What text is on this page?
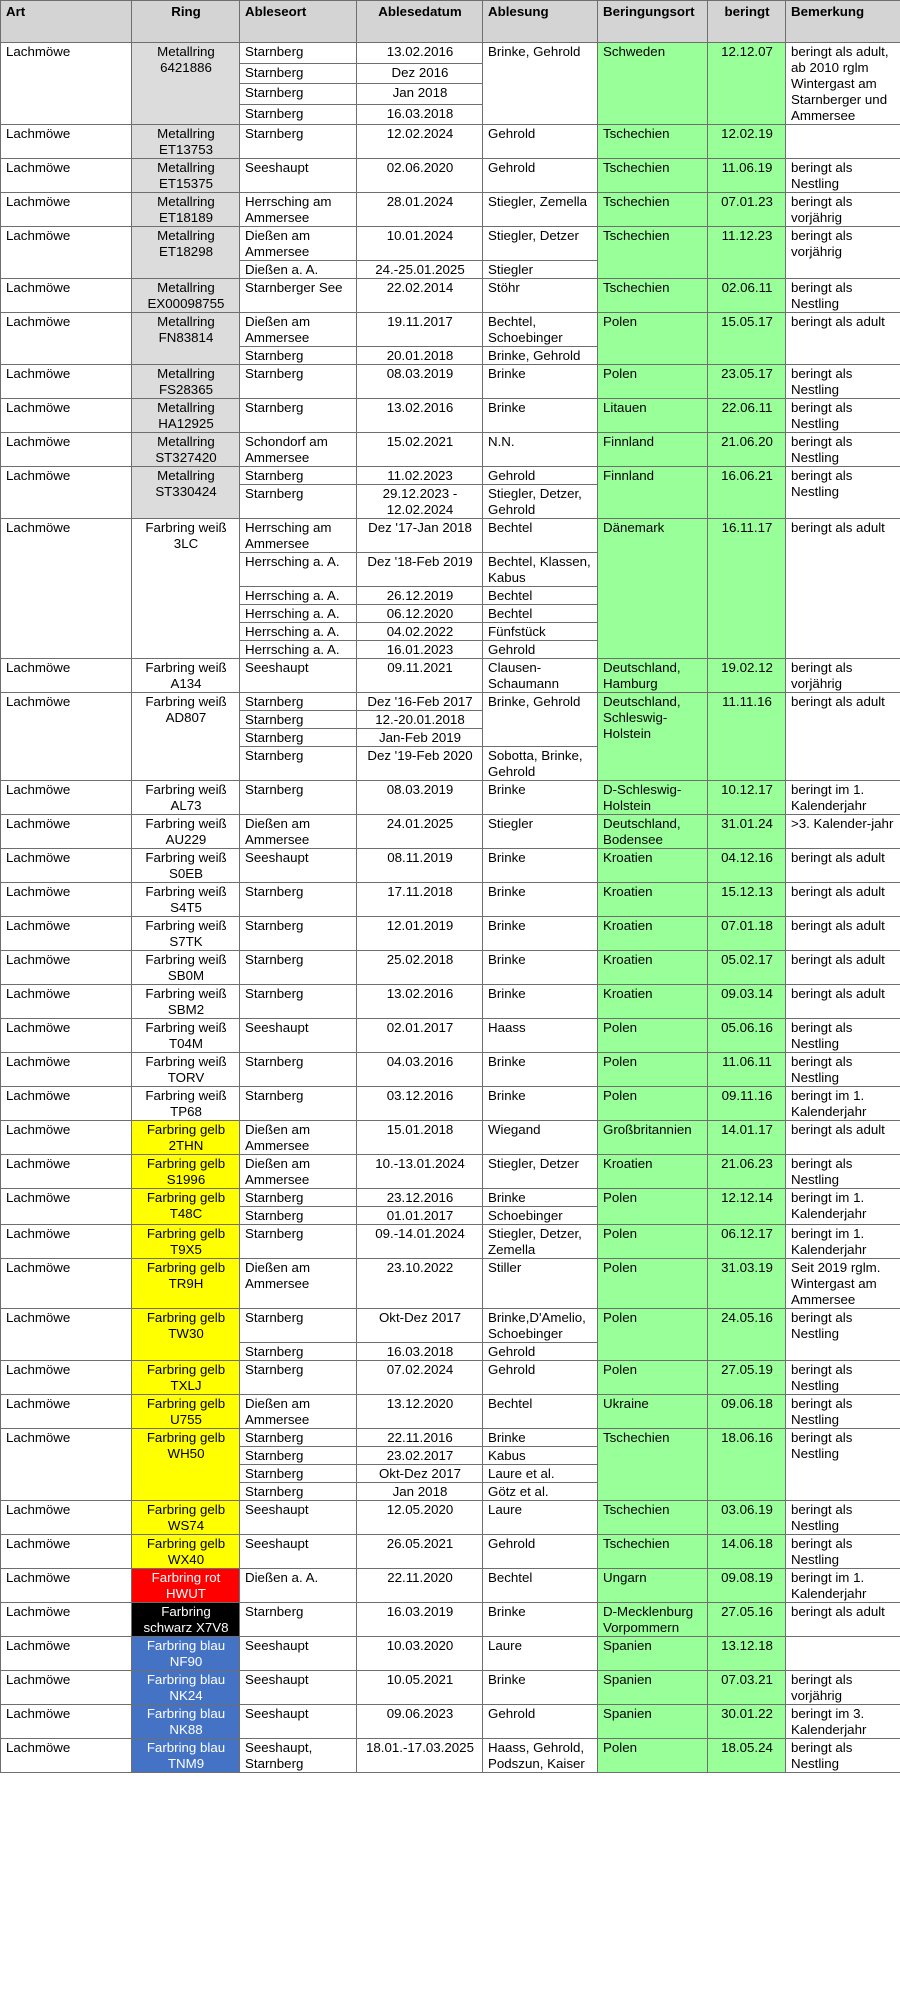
Art	Ring	Ableseort	Ablesedatum	Ablesung	Beringungsort	beringt	Bemerkung
Lachmöwe	Metallring 6421886	Starnberg	13.02.2016	Brinke, Gehrold	Schweden	12.12.07	beringt als adult, ab 2010 rglm Wintergast am Starnberger und Ammersee
		Starnberg	Dez 2016				
		Starnberg	Jan 2018				
		Starnberg	16.03.2018				
Lachmöwe	Metallring ET13753	Starnberg	12.02.2024	Gehrold	Tschechien	12.02.19	
Lachmöwe	Metallring ET15375	Seeshaupt	02.06.2020	Gehrold	Tschechien	11.06.19	beringt als Nestling
Lachmöwe	Metallring ET18189	Herrsching am Ammersee	28.01.2024	Stiegler, Zemella	Tschechien	07.01.23	beringt als vorjährig
Lachmöwe	Metallring ET18298	Dießen am Ammersee	10.01.2024	Stiegler, Detzer	Tschechien	11.12.23	beringt als vorjährig
		Dießen a. A.	24.-25.01.2025	Stiegler			
Lachmöwe	Metallring EX00098755	Starnberger See	22.02.2014	Stöhr	Tschechien	02.06.11	beringt als Nestling
Lachmöwe	Metallring FN83814	Dießen am Ammersee	19.11.2017	Bechtel, Schoebinger	Polen	15.05.17	beringt als adult
		Starnberg	20.01.2018	Brinke, Gehrold			
Lachmöwe	Metallring FS28365	Starnberg	08.03.2019	Brinke	Polen	23.05.17	beringt als Nestling
Lachmöwe	Metallring HA12925	Starnberg	13.02.2016	Brinke	Litauen	22.06.11	beringt als Nestling
Lachmöwe	Metallring ST327420	Schondorf am Ammersee	15.02.2021	N.N.	Finnland	21.06.20	beringt als Nestling
Lachmöwe	Metallring ST330424	Starnberg	11.02.2023	Gehrold	Finnland	16.06.21	beringt als Nestling
		Starnberg	29.12.2023 - 12.02.2024	Stiegler, Detzer, Gehrold			
Lachmöwe	Farbring weiß 3LC	Herrsching am Ammersee	Dez '17-Jan 2018	Bechtel	Dänemark	16.11.17	beringt als adult
		Herrsching a. A.	Dez '18-Feb 2019	Bechtel, Klassen, Kabus			
		Herrsching a. A.	26.12.2019	Bechtel			
		Herrsching a. A.	06.12.2020	Bechtel			
		Herrsching a. A.	04.02.2022	Fünfstück			
		Herrsching a. A.	16.01.2023	Gehrold			
Lachmöwe	Farbring weiß A134	Seeshaupt	09.11.2021	Clausen-Schaumann	Deutschland, Hamburg	19.02.12	beringt als vorjährig
Lachmöwe	Farbring weiß AD807	Starnberg	Dez '16-Feb 2017	Brinke, Gehrold	Deutschland, Schleswig-Holstein	11.11.16	beringt als adult
		Starnberg	12.-20.01.2018				
		Starnberg	Jan-Feb 2019				
		Starnberg	Dez '19-Feb 2020	Sobotta, Brinke, Gehrold			
Lachmöwe	Farbring weiß AL73	Starnberg	08.03.2019	Brinke	D-Schleswig-Holstein	10.12.17	beringt im 1. Kalenderjahr
Lachmöwe	Farbring weiß AU229	Dießen am Ammersee	24.01.2025	Stiegler	Deutschland, Bodensee	31.01.24	>3. Kalender-jahr
Lachmöwe	Farbring weiß S0EB	Seeshaupt	08.11.2019	Brinke	Kroatien	04.12.16	beringt als adult
Lachmöwe	Farbring weiß S4T5	Starnberg	17.11.2018	Brinke	Kroatien	15.12.13	beringt als adult
Lachmöwe	Farbring weiß S7TK	Starnberg	12.01.2019	Brinke	Kroatien	07.01.18	beringt als adult
Lachmöwe	Farbring weiß SB0M	Starnberg	25.02.2018	Brinke	Kroatien	05.02.17	beringt als adult
Lachmöwe	Farbring weiß SBM2	Starnberg	13.02.2016	Brinke	Kroatien	09.03.14	beringt als adult
Lachmöwe	Farbring weiß T04M	Seeshaupt	02.01.2017	Haass	Polen	05.06.16	beringt als Nestling
Lachmöwe	Farbring weiß TORV	Starnberg	04.03.2016	Brinke	Polen	11.06.11	beringt als Nestling
Lachmöwe	Farbring weiß TP68	Starnberg	03.12.2016	Brinke	Polen	09.11.16	beringt im 1. Kalenderjahr
Lachmöwe	Farbring gelb 2THN	Dießen am Ammersee	15.01.2018	Wiegand	Großbritannien	14.01.17	beringt als adult
Lachmöwe	Farbring gelb S1996	Dießen am Ammersee	10.-13.01.2024	Stiegler, Detzer	Kroatien	21.06.23	beringt als Nestling
Lachmöwe	Farbring gelb T48C	Starnberg	23.12.2016	Brinke	Polen	12.12.14	beringt im 1. Kalenderjahr
		Starnberg	01.01.2017	Schoebinger			
Lachmöwe	Farbring gelb T9X5	Starnberg	09.-14.01.2024	Stiegler, Detzer, Zemella	Polen	06.12.17	beringt im 1. Kalenderjahr
Lachmöwe	Farbring gelb TR9H	Dießen am Ammersee	23.10.2022	Stiller	Polen	31.03.19	Seit 2019 rglm. Wintergast am Ammersee
Lachmöwe	Farbring gelb TW30	Starnberg	Okt-Dez 2017	Brinke,D'Amelio, Schoebinger	Polen	24.05.16	beringt als Nestling
		Starnberg	16.03.2018	Gehrold			
Lachmöwe	Farbring gelb TXLJ	Starnberg	07.02.2024	Gehrold	Polen	27.05.19	beringt als Nestling
Lachmöwe	Farbring gelb U755	Dießen am Ammersee	13.12.2020	Bechtel	Ukraine	09.06.18	beringt als Nestling
Lachmöwe	Farbring gelb WH50	Starnberg	22.11.2016	Brinke	Tschechien	18.06.16	beringt als Nestling
		Starnberg	23.02.2017	Kabus			
		Starnberg	Okt-Dez 2017	Laure et al.			
		Starnberg	Jan 2018	Götz et al.			
Lachmöwe	Farbring gelb WS74	Seeshaupt	12.05.2020	Laure	Tschechien	03.06.19	beringt als Nestling
Lachmöwe	Farbring gelb WX40	Seeshaupt	26.05.2021	Gehrold	Tschechien	14.06.18	beringt als Nestling
Lachmöwe	Farbring rot HWUT	Dießen a. A.	22.11.2020	Bechtel	Ungarn	09.08.19	beringt im 1. Kalenderjahr
Lachmöwe	Farbring schwarz X7V8	Starnberg	16.03.2019	Brinke	D-Mecklenburg Vorpommern	27.05.16	beringt als adult
Lachmöwe	Farbring blau NF90	Seeshaupt	10.03.2020	Laure	Spanien	13.12.18	
Lachmöwe	Farbring blau NK24	Seeshaupt	10.05.2021	Brinke	Spanien	07.03.21	beringt als vorjährig
Lachmöwe	Farbring blau NK88	Seeshaupt	09.06.2023	Gehrold	Spanien	30.01.22	beringt im 3. Kalenderjahr
Lachmöwe	Farbring blau TNM9	Seeshaupt, Starnberg	18.01.-17.03.2025	Haass, Gehrold, Podszun, Kaiser	Polen	18.05.24	beringt als Nestling
